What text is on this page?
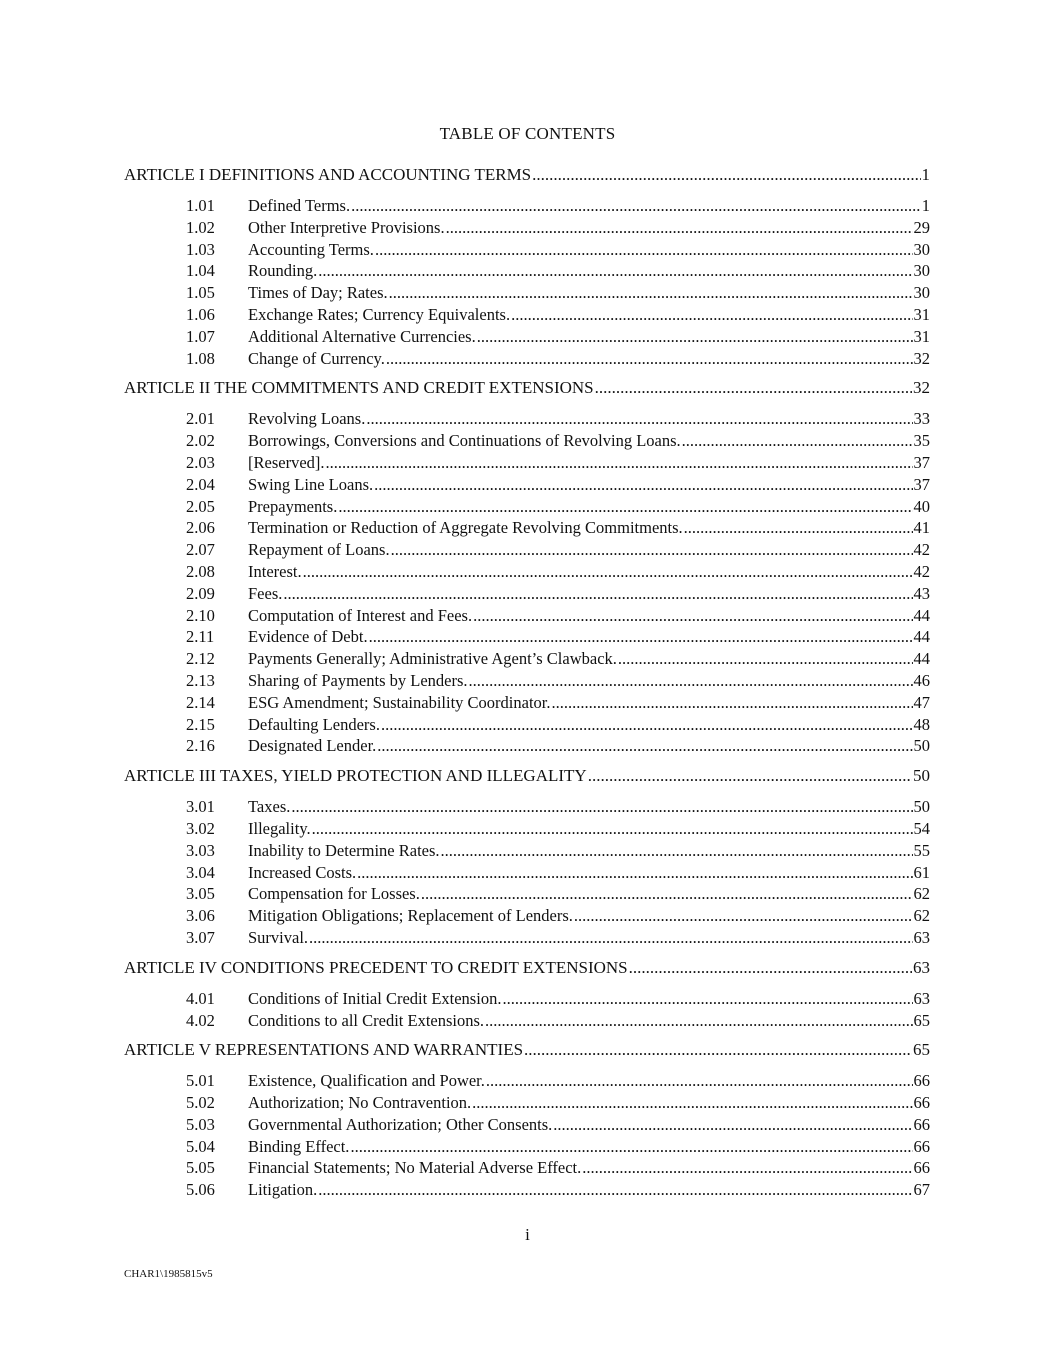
TABLE OF CONTENTS
ARTICLE I DEFINITIONS AND ACCOUNTING TERMS .....	1
1.01	Defined Terms. .....	1
1.02	Other Interpretive Provisions. .....	29
1.03	Accounting Terms. .....	30
1.04	Rounding. .....	30
1.05	Times of Day; Rates. .....	30
1.06	Exchange Rates; Currency Equivalents. .....	31
1.07	Additional Alternative Currencies. .....	31
1.08	Change of Currency. .....	32
ARTICLE II THE COMMITMENTS AND CREDIT EXTENSIONS .....	32
2.01	Revolving Loans. .....	33
2.02	Borrowings, Conversions and Continuations of Revolving Loans. .....	35
2.03	[Reserved]. .....	37
2.04	Swing Line Loans. .....	37
2.05	Prepayments. .....	40
2.06	Termination or Reduction of Aggregate Revolving Commitments. .....	41
2.07	Repayment of Loans. .....	42
2.08	Interest. .....	42
2.09	Fees. .....	43
2.10	Computation of Interest and Fees. .....	44
2.11	Evidence of Debt. .....	44
2.12	Payments Generally; Administrative Agent’s Clawback. .....	44
2.13	Sharing of Payments by Lenders. .....	46
2.14	ESG Amendment; Sustainability Coordinator. .....	47
2.15	Defaulting Lenders. .....	48
2.16	Designated Lender. .....	50
ARTICLE III TAXES, YIELD PROTECTION AND ILLEGALITY .....	50
3.01	Taxes. .....	50
3.02	Illegality. .....	54
3.03	Inability to Determine Rates. .....	55
3.04	Increased Costs. .....	61
3.05	Compensation for Losses. .....	62
3.06	Mitigation Obligations; Replacement of Lenders. .....	62
3.07	Survival. .....	63
ARTICLE IV CONDITIONS PRECEDENT TO CREDIT EXTENSIONS .....	63
4.01	Conditions of Initial Credit Extension. .....	63
4.02	Conditions to all Credit Extensions. .....	65
ARTICLE V REPRESENTATIONS AND WARRANTIES .....	65
5.01	Existence, Qualification and Power. .....	66
5.02	Authorization; No Contravention. .....	66
5.03	Governmental Authorization; Other Consents. .....	66
5.04	Binding Effect. .....	66
5.05	Financial Statements; No Material Adverse Effect. .....	66
5.06	Litigation. .....	67
i
CHAR1\1985815v5
